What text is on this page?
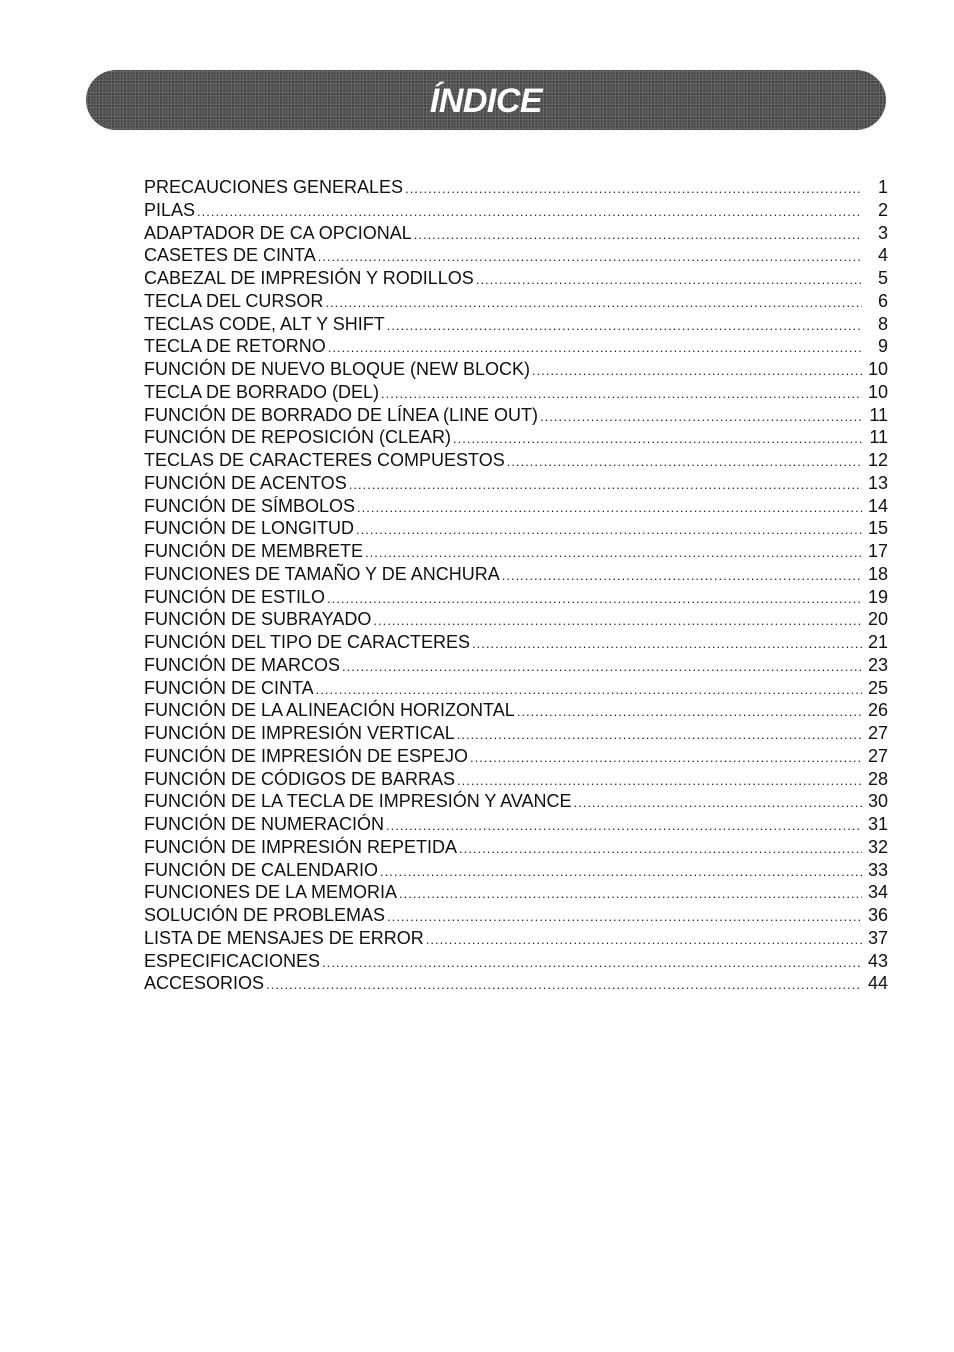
ÍNDICE
PRECAUCIONES GENERALES .....	1
PILAS .....	2
ADAPTADOR DE CA OPCIONAL .....	3
CASETES DE CINTA .....	4
CABEZAL DE IMPRESIÓN Y RODILLOS .....	5
TECLA DEL CURSOR .....	6
TECLAS CODE, ALT Y SHIFT .....	8
TECLA DE RETORNO .....	9
FUNCIÓN DE NUEVO BLOQUE (NEW BLOCK) .....	10
TECLA DE BORRADO (DEL) .....	10
FUNCIÓN DE BORRADO DE LÍNEA (LINE OUT) .....	11
FUNCIÓN DE REPOSICIÓN (CLEAR) .....	11
TECLAS DE CARACTERES COMPUESTOS .....	12
FUNCIÓN DE ACENTOS .....	13
FUNCIÓN DE SÍMBOLOS .....	14
FUNCIÓN DE LONGITUD .....	15
FUNCIÓN DE MEMBRETE .....	17
FUNCIONES DE TAMAÑO Y DE ANCHURA .....	18
FUNCIÓN DE ESTILO .....	19
FUNCIÓN DE SUBRAYADO .....	20
FUNCIÓN DEL TIPO DE CARACTERES .....	21
FUNCIÓN DE MARCOS .....	23
FUNCIÓN DE CINTA .....	25
FUNCIÓN DE LA ALINEACIÓN HORIZONTAL .....	26
FUNCIÓN DE IMPRESIÓN VERTICAL .....	27
FUNCIÓN DE IMPRESIÓN DE ESPEJO .....	27
FUNCIÓN DE CÓDIGOS DE BARRAS .....	28
FUNCIÓN DE LA TECLA DE IMPRESIÓN Y AVANCE .....	30
FUNCIÓN DE NUMERACIÓN .....	31
FUNCIÓN DE IMPRESIÓN REPETIDA .....	32
FUNCIÓN DE CALENDARIO .....	33
FUNCIONES DE LA MEMORIA .....	34
SOLUCIÓN DE PROBLEMAS .....	36
LISTA DE MENSAJES DE ERROR .....	37
ESPECIFICACIONES .....	43
ACCESORIOS .....	44
